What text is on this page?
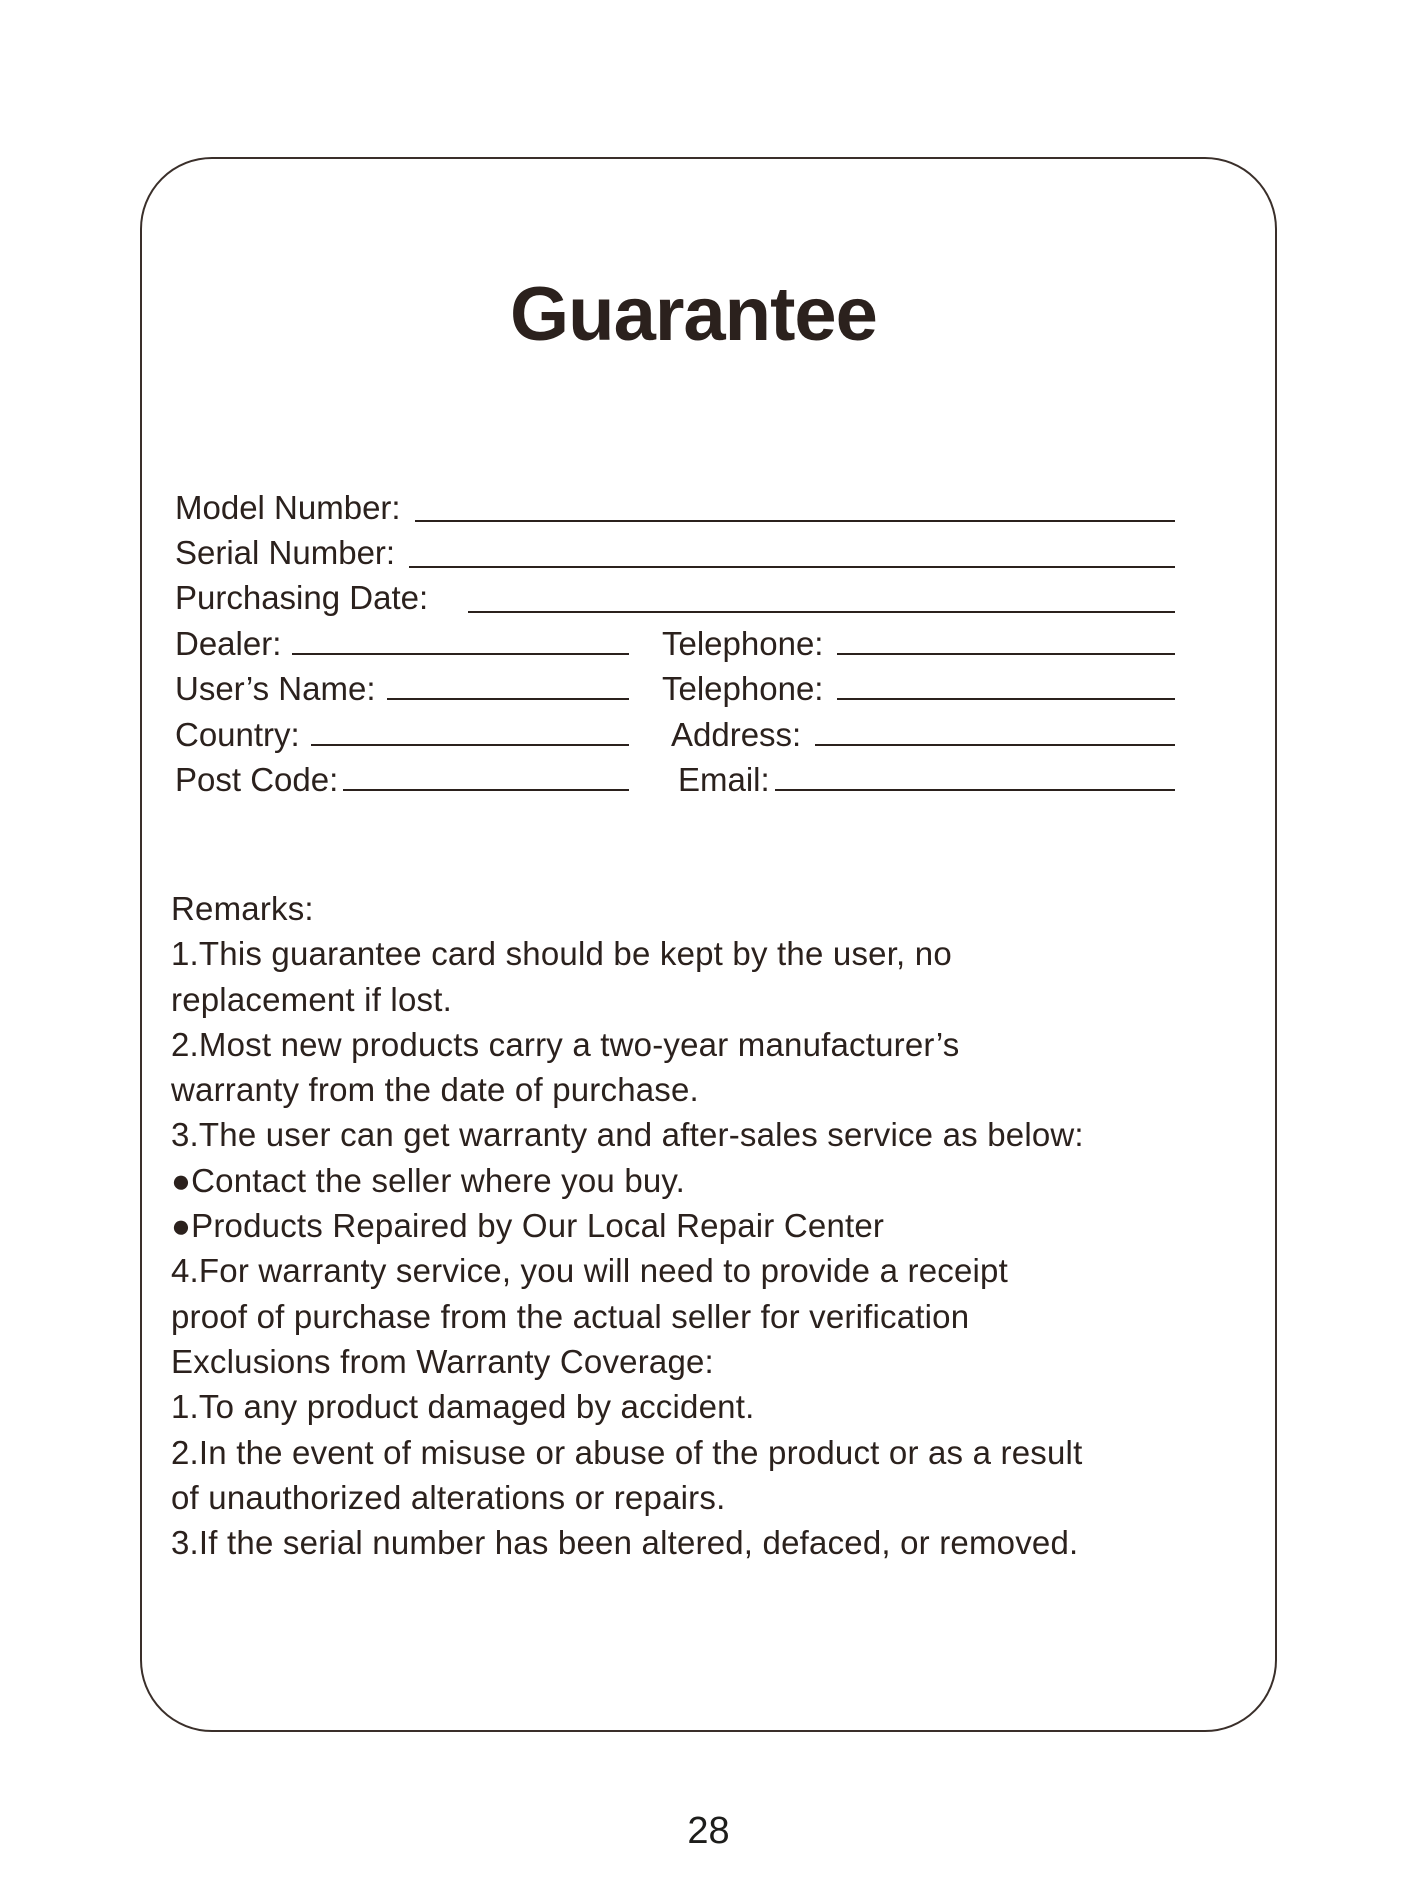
Guarantee
Model Number:
Serial Number:
Purchasing Date:
Dealer:	Telephone:
User’s Name:	Telephone:
Country:	Address:
Post Code:	Email:
Remarks:
1.This guarantee card should be kept by the user, no
replacement if lost.
2.Most new products carry a two-year manufacturer’s
warranty from the date of purchase.
3.The user can get warranty and after-sales service as below:
●Contact the seller where you buy.
●Products Repaired by Our Local Repair Center
4.For warranty service, you will need to provide a receipt
proof of purchase from the actual seller for verification
Exclusions from Warranty Coverage:
1.To any product damaged by accident.
2.In the event of misuse or abuse of the product or as a result
of unauthorized alterations or repairs.
3.If the serial number has been altered, defaced, or removed.
28
